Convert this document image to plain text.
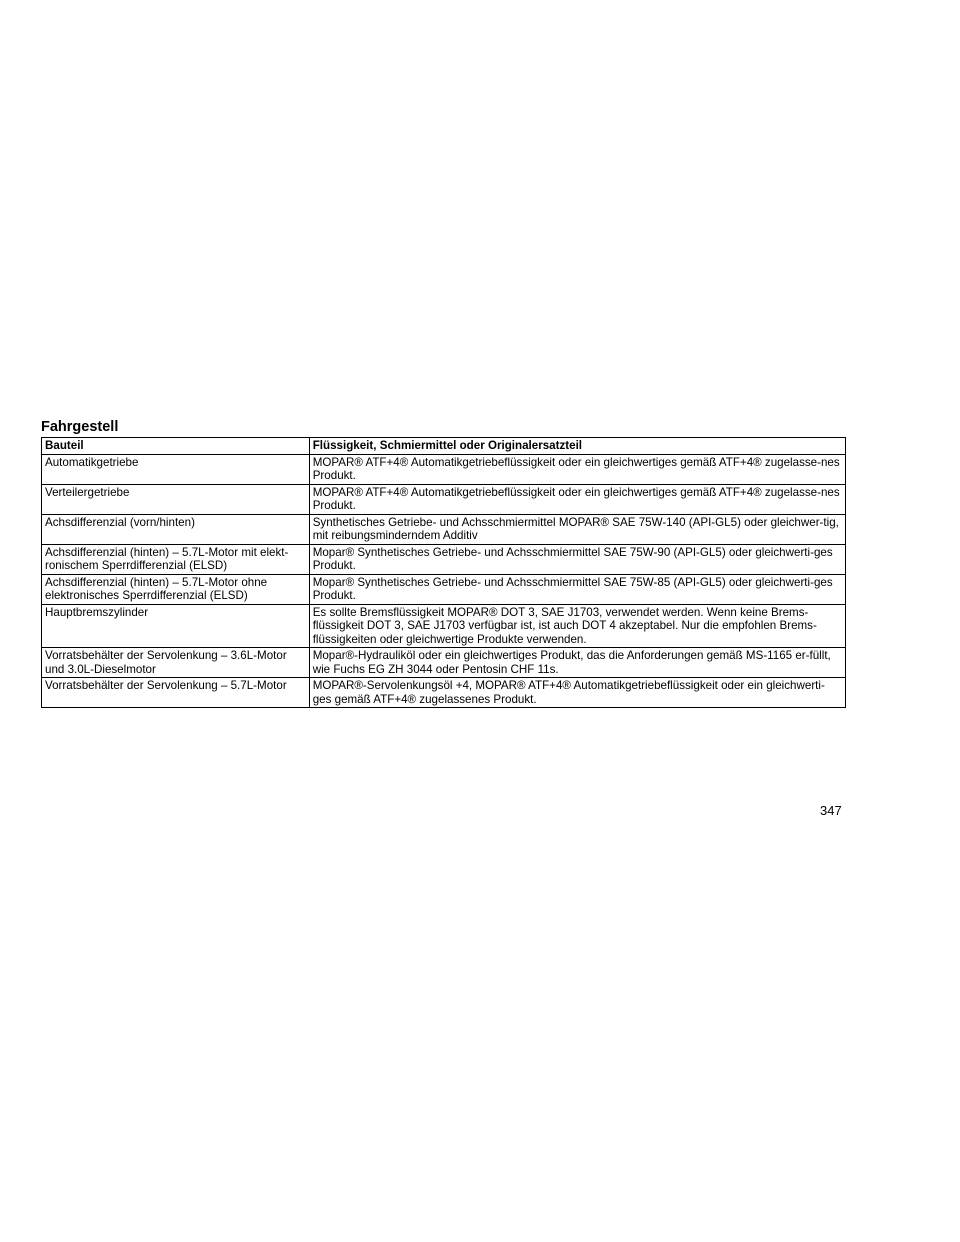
Fahrgestell
Bauteil	Flüssigkeit, Schmiermittel oder Originalersatzteil
Automatikgetriebe	MOPAR® ATF+4® Automatikgetriebeflüssigkeit oder ein gleichwertiges gemäß ATF+4® zugelasse-nes Produkt.
Verteilergetriebe	MOPAR® ATF+4® Automatikgetriebeflüssigkeit oder ein gleichwertiges gemäß ATF+4® zugelasse-nes Produkt.
Achsdifferenzial (vorn/hinten)	Synthetisches Getriebe- und Achsschmiermittel MOPAR® SAE 75W-140 (API-GL5) oder gleichwer-tig, mit reibungsminderndem Additiv
Achsdifferenzial (hinten) – 5.7L-Motor mit elekt-ronischem Sperrdifferenzial (ELSD)	Mopar® Synthetisches Getriebe- und Achsschmiermittel SAE 75W-90 (API-GL5) oder gleichwerti-ges Produkt.
Achsdifferenzial (hinten) – 5.7L-Motor ohne elektronisches Sperrdifferenzial (ELSD)	Mopar® Synthetisches Getriebe- und Achsschmiermittel SAE 75W-85 (API-GL5) oder gleichwerti-ges Produkt.
Hauptbremszylinder	Es sollte Bremsflüssigkeit MOPAR® DOT 3, SAE J1703, verwendet werden. Wenn keine Brems-flüssigkeit DOT 3, SAE J1703 verfügbar ist, ist auch DOT 4 akzeptabel. Nur die empfohlen Brems-flüssigkeiten oder gleichwertige Produkte verwenden.
Vorratsbehälter der Servolenkung – 3.6L-Motor und 3.0L-Dieselmotor	Mopar®-Hydrauliköl oder ein gleichwertiges Produkt, das die Anforderungen gemäß MS-1165 er-füllt, wie Fuchs EG ZH 3044 oder Pentosin CHF 11s.
Vorratsbehälter der Servolenkung – 5.7L-Motor	MOPAR®-Servolenkungsöl +4, MOPAR® ATF+4® Automatikgetriebeflüssigkeit oder ein gleichwerti-ges gemäß ATF+4® zugelassenes Produkt.

347
